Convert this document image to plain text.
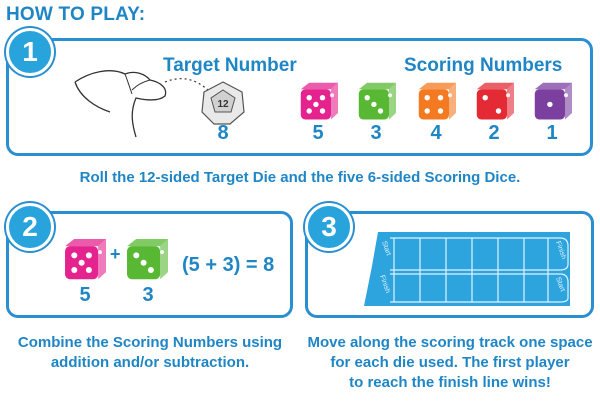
HOW TO PLAY:
1	Target Number
12
8
Scoring Numbers
5	3	4	2	1
Roll the 12-sided Target Die and the five 6-sided Scoring Dice.
2
+
5	3
(5 + 3) = 8
Combine the Scoring Numbers using
addition and/or subtraction.
3
Start	Finish
Finish	Start
Move along the scoring track one space
for each die used. The first player
to reach the finish line wins!
